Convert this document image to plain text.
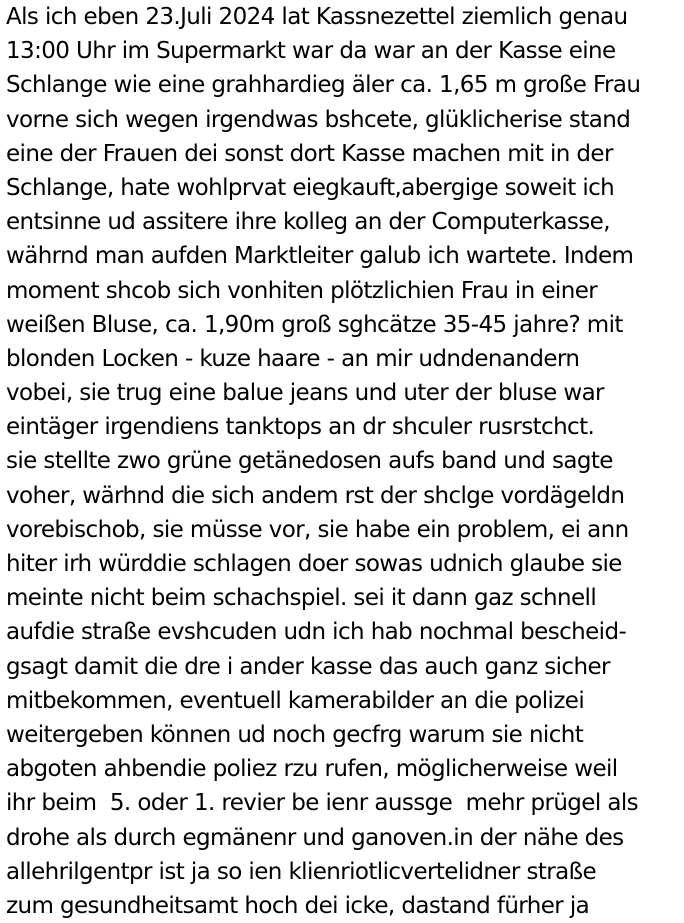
Als ich eben 23.Juli 2024 lat Kassnezettel ziemlich genau
13:00 Uhr im Supermarkt war da war an der Kasse eine
Schlange wie eine grahhardieg äler ca. 1,65 m große Frau
vorne sich wegen irgendwas bshcete, glüklicherise stand
eine der Frauen dei sonst dort Kasse machen mit in der
Schlange, hate wohlprvat eiegkauft,abergige soweit ich
entsinne ud assitere ihre kolleg an der Computerkasse,
währnd man aufden Marktleiter galub ich wartete. Indem
moment shcob sich vonhiten plötzlichien Frau in einer
weißen Bluse, ca. 1,90m groß sghcätze 35-45 jahre? mit
blonden Locken - kuze haare - an mir udndenandern
vobei, sie trug eine balue jeans und uter der bluse war
eintäger irgendiens tanktops an dr shculer rusrstchct.
sie stellte zwo grüne getänedosen aufs band und sagte
voher, wärhnd die sich andem rst der shclge vordägeldn
vorebischob, sie müsse vor, sie habe ein problem, ei ann
hiter irh würddie schlagen doer sowas udnich glaube sie
meinte nicht beim schachspiel. sei it dann gaz schnell
aufdie straße evshcuden udn ich hab nochmal bescheid-
gsagt damit die dre i ander kasse das auch ganz sicher
mitbekommen, eventuell kamerabilder an die polizei
weitergeben können ud noch gecfrg warum sie nicht
abgoten ahbendie poliez rzu rufen, möglicherweise weil
ihr beim  5. oder 1. revier be ienr aussge  mehr prügel als
drohe als durch egmänenr und ganoven.in der nähe des
allehrilgentpr ist ja so ien klienriotlicvertelidner straße
zum gesundheitsamt hoch dei icke, dastand fürher ja
